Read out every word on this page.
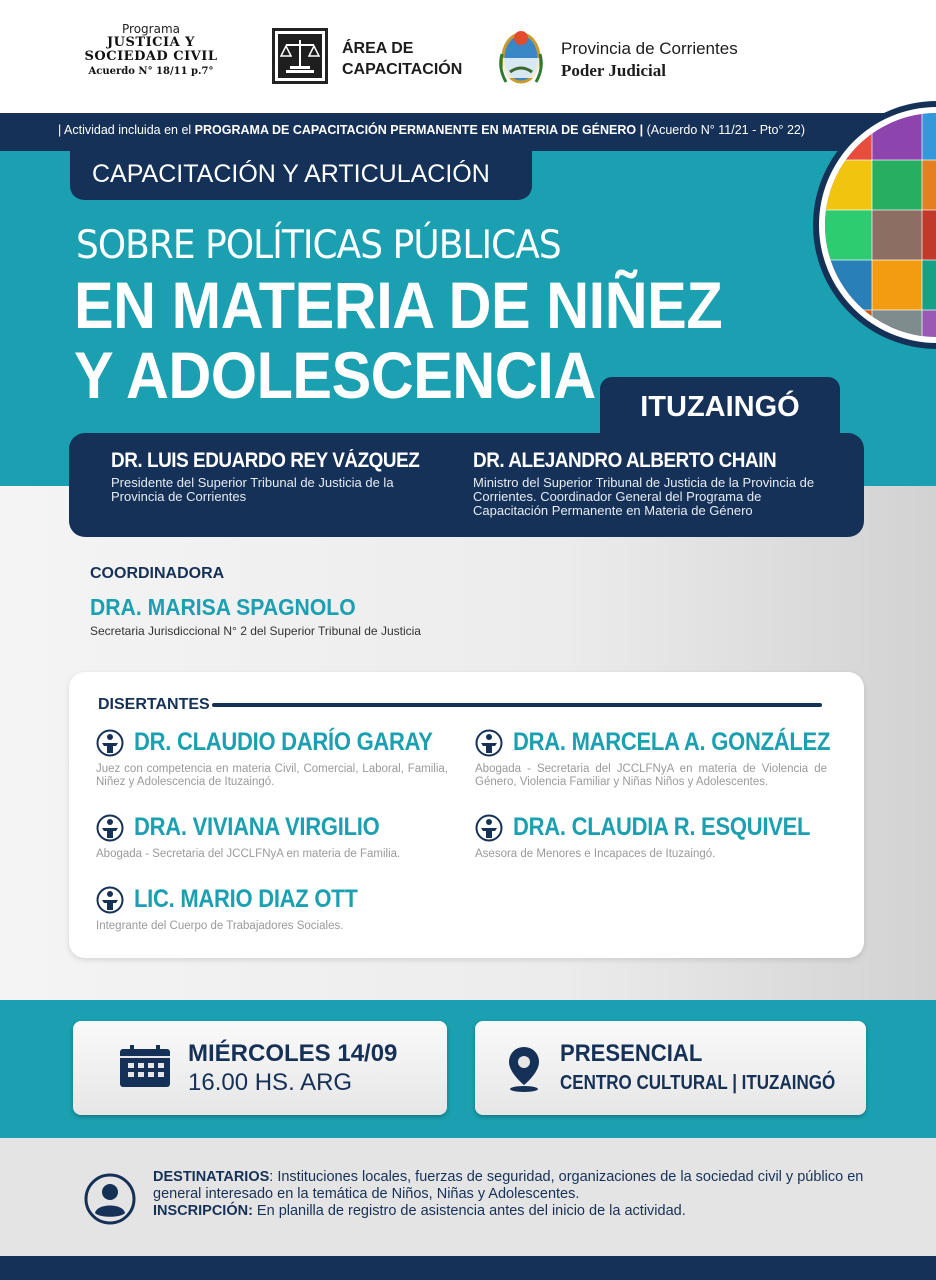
Programa
JUSTICIA Y
SOCIEDAD CIVIL
Acuerdo N° 18/11 p.7°
ÁREA DE
CAPACITACIÓN
Provincia de Corrientes
Poder Judicial
| Actividad incluida en el PROGRAMA DE CAPACITACIÓN PERMANENTE EN MATERIA DE GÉNERO | (Acuerdo N° 11/21 - Pto° 22)
CAPACITACIÓN Y ARTICULACIÓN
SOBRE POLÍTICAS PÚBLICAS
EN MATERIA DE NIÑEZ
Y ADOLESCENCIA	ITUZAINGÓ
DR. LUIS EDUARDO REY VÁZQUEZ
Presidente del Superior Tribunal de Justicia de la Provincia de Corrientes
DR. ALEJANDRO ALBERTO CHAIN
Ministro del Superior Tribunal de Justicia de la Provincia de Corrientes. Coordinador General del Programa de Capacitación Permanente en Materia de Género
COORDINADORA
DRA. MARISA SPAGNOLO
Secretaria Jurisdiccional N° 2 del Superior Tribunal de Justicia
DISERTANTES
DR. CLAUDIO DARÍO GARAY
Juez con competencia en materia Civil, Comercial, Laboral, Familia, Niñez y Adolescencia de Ituzaingó.
DRA. MARCELA A. GONZÁLEZ
Abogada - Secretaria del JCCLFNyA en materia de Violencia de Género, Violencia Familiar y Niñas Niños y Adolescentes.
DRA. VIVIANA VIRGILIO
Abogada - Secretaria del JCCLFNyA en materia de Familia.
DRA. CLAUDIA R. ESQUIVEL
Asesora de Menores e Incapaces de Ituzaingó.
LIC. MARIO DIAZ OTT
Integrante del Cuerpo de Trabajadores Sociales.
MIÉRCOLES 14/09
16.00 HS. ARG
PRESENCIAL
CENTRO CULTURAL | ITUZAINGÓ
DESTINATARIOS: Instituciones locales, fuerzas de seguridad, organizaciones de la sociedad civil y público en general interesado en la temática de Niños, Niñas y Adolescentes.
INSCRIPCIÓN: En planilla de registro de asistencia antes del inicio de la actividad.
